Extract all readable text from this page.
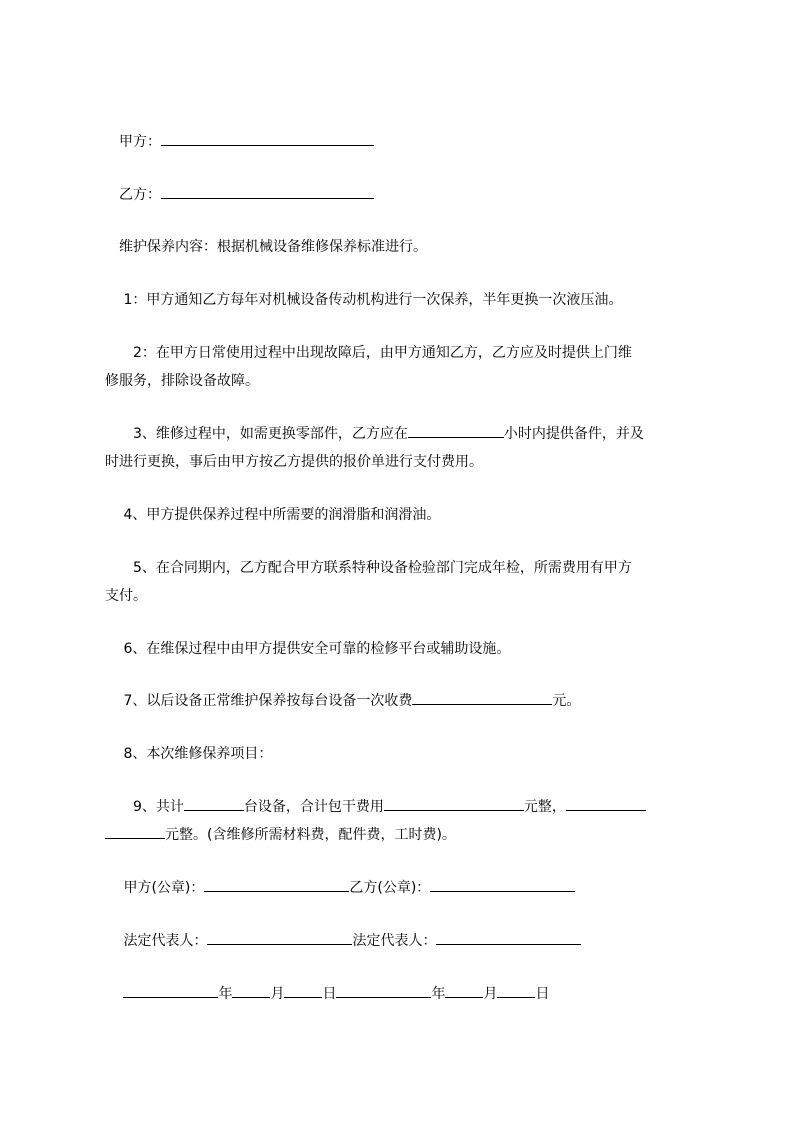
　甲方：
　乙方：
　维护保养内容：根据机械设备维修保养标准进行。
　 1：甲方通知乙方每年对机械设备传动机构进行一次保养，半年更换一次液压油。
　　2：在甲方日常使用过程中出现故障后，由甲方通知乙方，乙方应及时提供上门维
修服务，排除设备故障。
　　3、维修过程中，如需更换零部件，乙方应在	小时内提供备件，并及
时进行更换，事后由甲方按乙方提供的报价单进行支付费用。
　 4、甲方提供保养过程中所需要的润滑脂和润滑油。
　　5、在合同期内，乙方配合甲方联系特种设备检验部门完成年检，所需费用有甲方
支付。
　 6、在维保过程中由甲方提供安全可靠的检修平台或辅助设施。
　 7、以后设备正常维护保养按每台设备一次收费	元。
　 8、本次维修保养项目：
　　9、共计	台设备，合计包干费用	元整，
元整。(含维修所需材料费，配件费，工时费)。
　 甲方(公章)：	乙方(公章)：
　 法定代表人：	法定代表人：
　 年	月	日	年	月	日
